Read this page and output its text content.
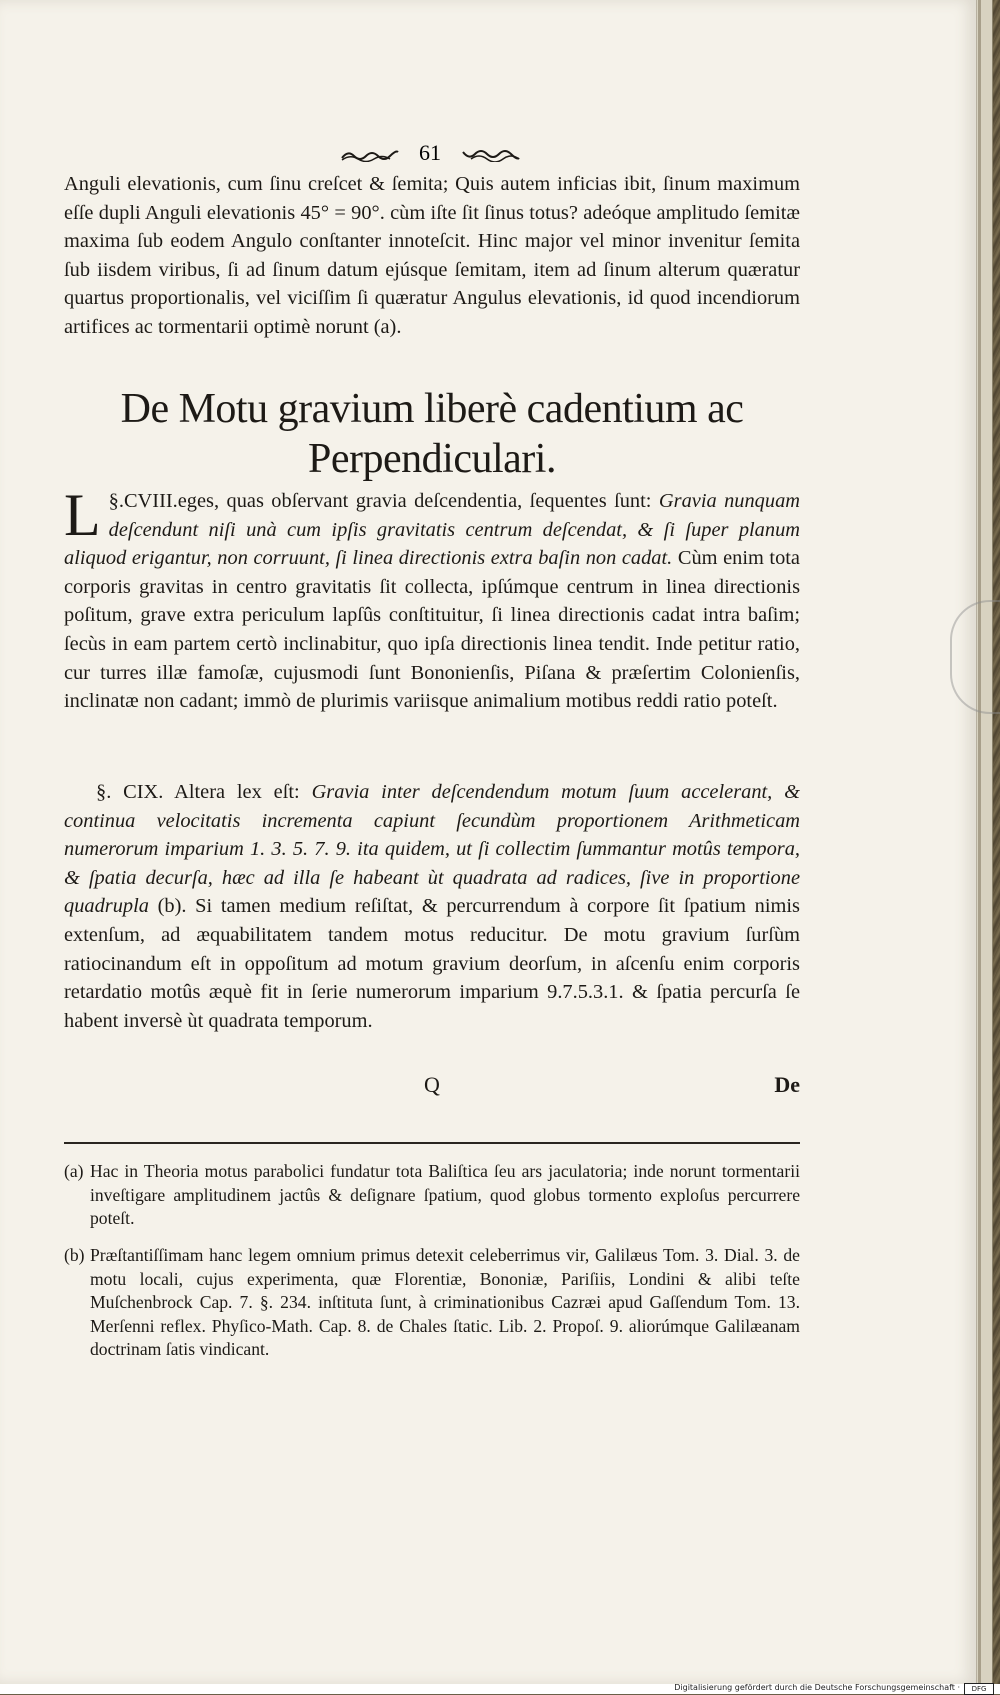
61

Anguli elevationis, cum ſinu creſcet & ſemita; Quis autem inficias ibit, ſinum maximum eſſe dupli Anguli elevationis 45° = 90°. cùm iſte ſit ſinus totus? adeóque amplitudo ſemitæ maxima ſub eodem Angulo conſtanter innoteſcit. Hinc major vel minor invenitur ſemita ſub iisdem viribus, ſi ad ſinum datum ejúsque ſemitam, item ad ſinum alterum quæratur quartus proportionalis, vel viciſſim ſi quæratur Angulus elevationis, id quod incendiorum artifices ac tormentarii optimè norunt (a).

De Motu gravium liberè cadentium ac Perpendiculari.

§.CVIII.
L	eges, quas obſervant gravia deſcendentia, ſequentes ſunt: Gravia nunquam deſcendunt niſi unà cum ipſis gravitatis centrum deſcendat, & ſi ſuper planum aliquod erigantur, non corruunt, ſi linea directionis extra baſin non cadat. Cùm enim tota corporis gravitas in centro gravitatis ſit collecta, ipſúmque centrum in linea directionis poſitum, grave extra periculum lapſûs conſtituitur, ſi linea directionis cadat intra baſim; ſecùs in eam partem certò inclinabitur, quo ipſa directionis linea tendit. Inde petitur ratio, cur turres illæ famoſæ, cujusmodi ſunt Bononienſis, Piſana & præſertim Colonienſis, inclinatæ non cadant; immò de plurimis variisque animalium motibus reddi ratio poteſt.

§. CIX. Altera lex eſt: Gravia inter deſcendendum motum ſuum accelerant, & continua velocitatis incrementa capiunt ſecundùm proportionem Arithmeticam numerorum imparium 1. 3. 5. 7. 9. ita quidem, ut ſi collectim ſummantur motûs tempora, & ſpatia decurſa, hæc ad illa ſe habeant ùt quadrata ad radices, ſive in proportione quadrupla (b). Si tamen medium reſiſtat, & percurrendum à corpore ſit ſpatium nimis extenſum, ad æquabilitatem tandem motus reducitur. De motu gravium ſurſùm ratiocinandum eſt in oppoſitum ad motum gravium deorſum, in aſcenſu enim corporis retardatio motûs æquè fit in ſerie numerorum imparium 9.7.5.3.1. & ſpatia percurſa ſe habent inversè ùt quadrata temporum.

Q	De

(a) Hac in Theoria motus parabolici fundatur tota Baliſtica ſeu ars jaculatoria; inde norunt tormentarii inveſtigare amplitudinem jactûs & deſignare ſpatium, quod globus tormento exploſus percurrere poteſt.

(b) Præſtantiſſimam hanc legem omnium primus detexit celeberrimus vir, Galilæus Tom. 3. Dial. 3. de motu locali, cujus experimenta, quæ Florentiæ, Bononiæ, Pariſiis, Londini & alibi teſte Muſchenbrock Cap. 7. §. 234. inſtituta ſunt, à criminationibus Cazræi apud Gaſſendum Tom. 13. Merſenni reflex. Phyſico-Math. Cap. 8. de Chales ſtatic. Lib. 2. Propoſ. 9. aliorúmque Galilæanam doctrinam ſatis vindicant.

Digitalisierung gefördert durch die Deutsche Forschungsgemeinschaft ·	DFG
